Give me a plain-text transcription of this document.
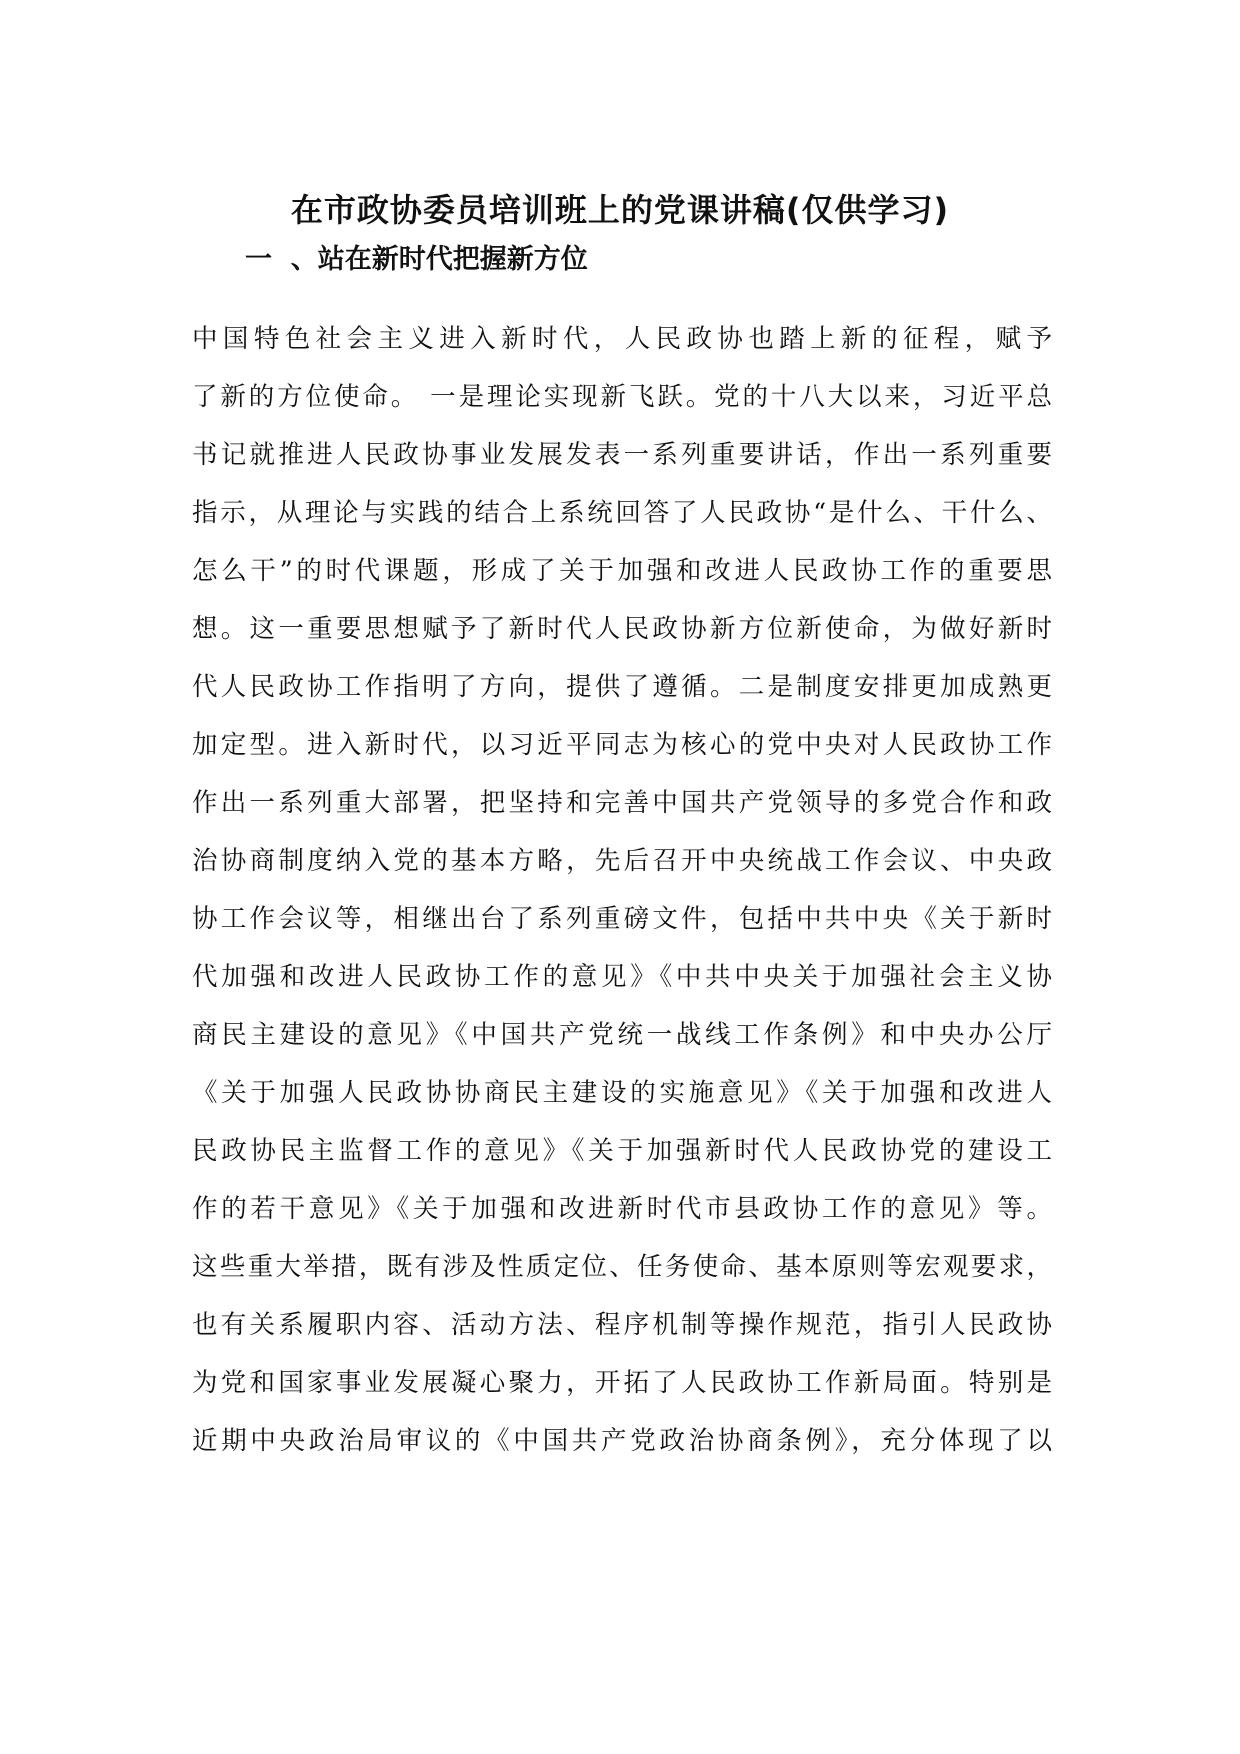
在市政协委员培训班上的党课讲稿(仅供学习)
一  、站在新时代把握新方位
中国特色社会主义进入新时代，人民政协也踏上新的征程，赋予
了新的方位使命。 一是理论实现新飞跃。党的十八大以来，习近平总
书记就推进人民政协事业发展发表一系列重要讲话，作出一系列重要
指示，从理论与实践的结合上系统回答了人民政协“是什么、干什么、
怎么干”的时代课题，形成了关于加强和改进人民政协工作的重要思
想。这一重要思想赋予了新时代人民政协新方位新使命，为做好新时
代人民政协工作指明了方向，提供了遵循。二是制度安排更加成熟更
加定型。进入新时代，以习近平同志为核心的党中央对人民政协工作
作出一系列重大部署，把坚持和完善中国共产党领导的多党合作和政
治协商制度纳入党的基本方略，先后召开中央统战工作会议、中央政
协工作会议等，相继出台了系列重磅文件，包括中共中央《关于新时
代加强和改进人民政协工作的意见》《中共中央关于加强社会主义协
商民主建设的意见》《中国共产党统一战线工作条例》和中央办公厅
《关于加强人民政协协商民主建设的实施意见》《关于加强和改进人
民政协民主监督工作的意见》《关于加强新时代人民政协党的建设工
作的若干意见》《关于加强和改进新时代市县政协工作的意见》等。
这些重大举措，既有涉及性质定位、任务使命、基本原则等宏观要求，
也有关系履职内容、活动方法、程序机制等操作规范，指引人民政协
为党和国家事业发展凝心聚力，开拓了人民政协工作新局面。特别是
近期中央政治局审议的《中国共产党政治协商条例》，充分体现了以
